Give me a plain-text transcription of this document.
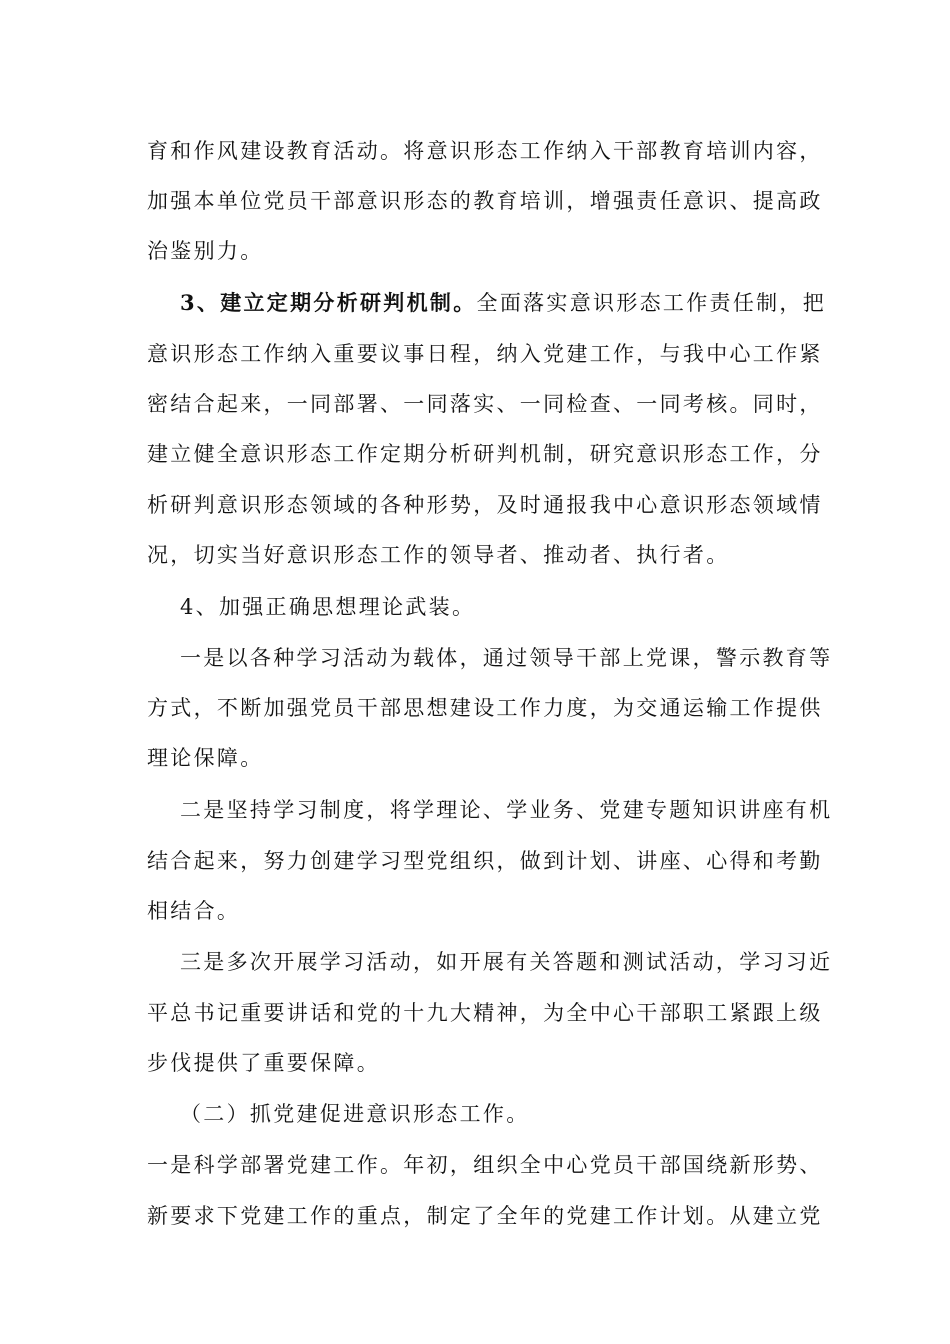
育和作风建设教育活动。将意识形态工作纳入干部教育培训内容，
加强本单位党员干部意识形态的教育培训，增强责任意识、提高政
治鉴别力。
3、建立定期分析研判机制。全面落实意识形态工作责任制，把
意识形态工作纳入重要议事日程，纳入党建工作，与我中心工作紧
密结合起来，一同部署、一同落实、一同检查、一同考核。同时，
建立健全意识形态工作定期分析研判机制，研究意识形态工作，分
析研判意识形态领域的各种形势，及时通报我中心意识形态领域情
况，切实当好意识形态工作的领导者、推动者、执行者。
4、加强正确思想理论武装。
一是以各种学习活动为载体，通过领导干部上党课，警示教育等
方式，不断加强党员干部思想建设工作力度，为交通运输工作提供
理论保障。
二是坚持学习制度，将学理论、学业务、党建专题知识讲座有机
结合起来，努力创建学习型党组织，做到计划、讲座、心得和考勤
相结合。
三是多次开展学习活动，如开展有关答题和测试活动，学习习近
平总书记重要讲话和党的十九大精神，为全中心干部职工紧跟上级
步伐提供了重要保障。
（二）抓党建促进意识形态工作。
一是科学部署党建工作。年初，组织全中心党员干部国绕新形势、
新要求下党建工作的重点，制定了全年的党建工作计划。从建立党
